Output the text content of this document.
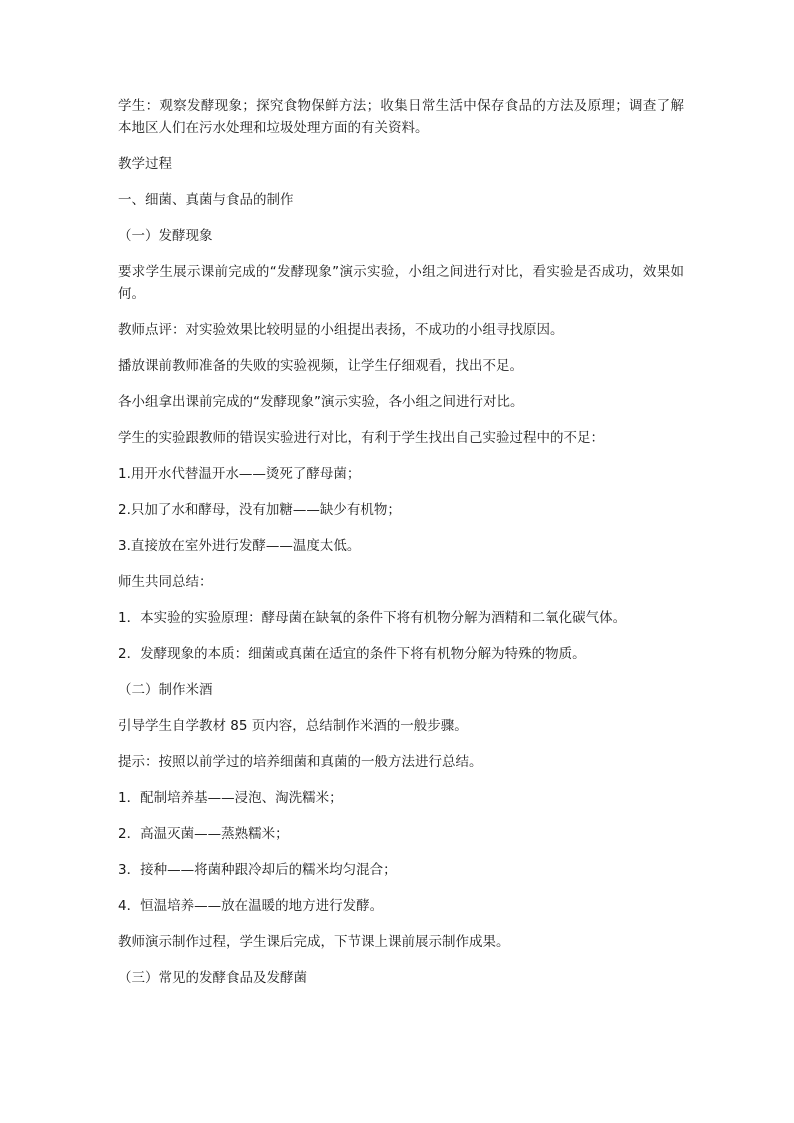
学生：观察发酵现象；探究食物保鲜方法；收集日常生活中保存食品的方法及原理；调查了解本地区人们在污水处理和垃圾处理方面的有关资料。

教学过程

一、细菌、真菌与食品的制作

（一）发酵现象

要求学生展示课前完成的“发酵现象”演示实验，小组之间进行对比，看实验是否成功，效果如何。

教师点评：对实验效果比较明显的小组提出表扬，不成功的小组寻找原因。

播放课前教师准备的失败的实验视频，让学生仔细观看，找出不足。

各小组拿出课前完成的“发酵现象”演示实验，各小组之间进行对比。

学生的实验跟教师的错误实验进行对比，有利于学生找出自己实验过程中的不足：

1.用开水代替温开水——烫死了酵母菌；

2.只加了水和酵母，没有加糖——缺少有机物；

3.直接放在室外进行发酵——温度太低。

师生共同总结：

1．本实验的实验原理：酵母菌在缺氧的条件下将有机物分解为酒精和二氧化碳气体。

2．发酵现象的本质：细菌或真菌在适宜的条件下将有机物分解为特殊的物质。

（二）制作米酒

引导学生自学教材 85 页内容，总结制作米酒的一般步骤。

提示：按照以前学过的培养细菌和真菌的一般方法进行总结。

1．配制培养基——浸泡、淘洗糯米；

2．高温灭菌——蒸熟糯米；

3．接种——将菌种跟冷却后的糯米均匀混合；

4．恒温培养——放在温暖的地方进行发酵。

教师演示制作过程，学生课后完成，下节课上课前展示制作成果。

（三）常见的发酵食品及发酵菌
